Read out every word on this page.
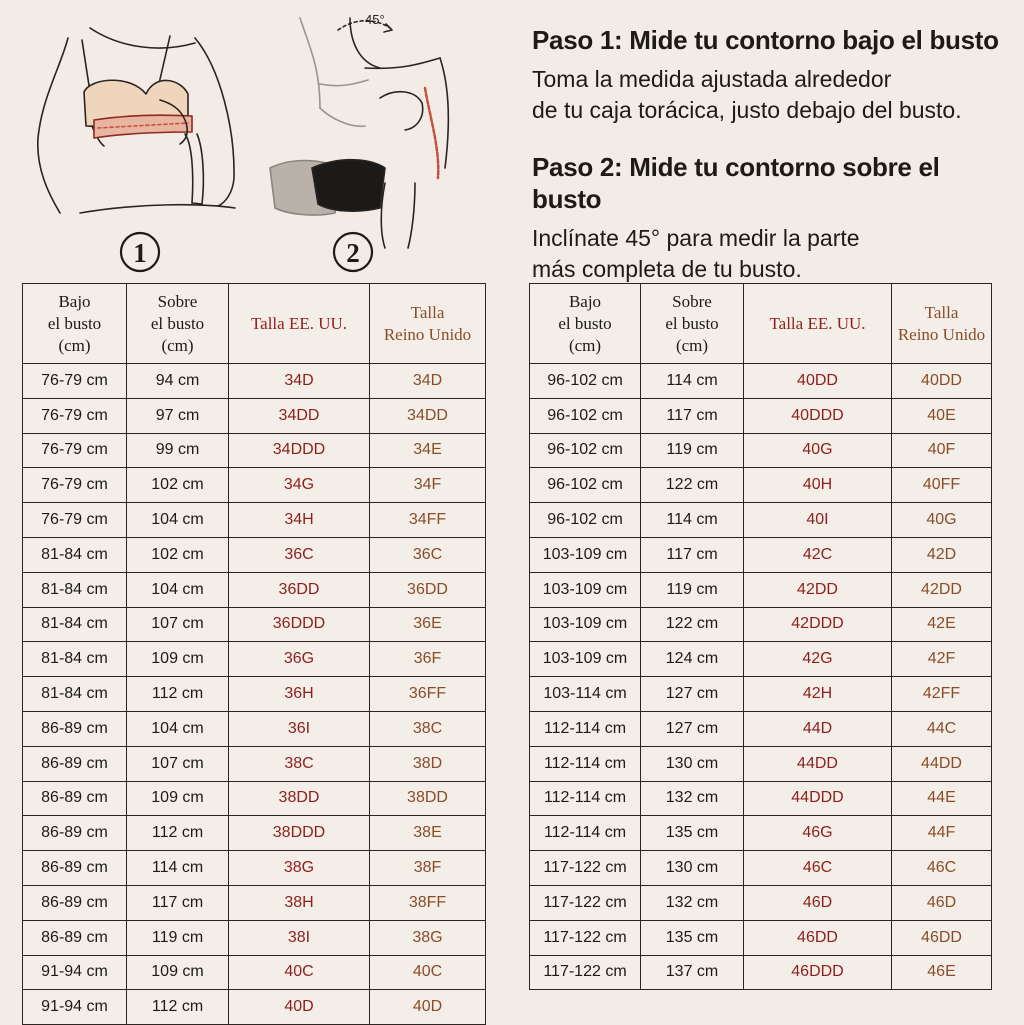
45°
1	2
Paso 1: Mide tu contorno bajo el busto

Toma la medida ajustada alrededor
de tu caja torácica, justo debajo del busto.

Paso 2: Mide tu contorno sobre el busto

Inclínate 45° para medir la parte
más completa de tu busto.

Bajo
el busto
(cm)	Sobre
el busto
(cm)	Talla EE. UU.	Talla
Reino Unido

76-79 cm	94 cm	34D	34D
76-79 cm	97 cm	34DD	34DD
76-79 cm	99 cm	34DDD	34E
76-79 cm	102 cm	34G	34F
76-79 cm	104 cm	34H	34FF
81-84 cm	102 cm	36C	36C
81-84 cm	104 cm	36DD	36DD
81-84 cm	107 cm	36DDD	36E
81-84 cm	109 cm	36G	36F
81-84 cm	112 cm	36H	36FF
86-89 cm	104 cm	36I	38C
86-89 cm	107 cm	38C	38D
86-89 cm	109 cm	38DD	38DD
86-89 cm	112 cm	38DDD	38E
86-89 cm	114 cm	38G	38F
86-89 cm	117 cm	38H	38FF
86-89 cm	119 cm	38I	38G
91-94 cm	109 cm	40C	40C
91-94 cm	112 cm	40D	40D
Bajo
el busto
(cm)	Sobre
el busto
(cm)	Talla EE. UU.	Talla
Reino Unido

96-102 cm	114 cm	40DD	40DD
96-102 cm	117 cm	40DDD	40E
96-102 cm	119 cm	40G	40F
96-102 cm	122 cm	40H	40FF
96-102 cm	114 cm	40I	40G
103-109 cm	117 cm	42C	42D
103-109 cm	119 cm	42DD	42DD
103-109 cm	122 cm	42DDD	42E
103-109 cm	124 cm	42G	42F
103-114 cm	127 cm	42H	42FF
112-114 cm	127 cm	44D	44C
112-114 cm	130 cm	44DD	44DD
112-114 cm	132 cm	44DDD	44E
112-114 cm	135 cm	46G	44F
117-122 cm	130 cm	46C	46C
117-122 cm	132 cm	46D	46D
117-122 cm	135 cm	46DD	46DD
117-122 cm	137 cm	46DDD	46E
